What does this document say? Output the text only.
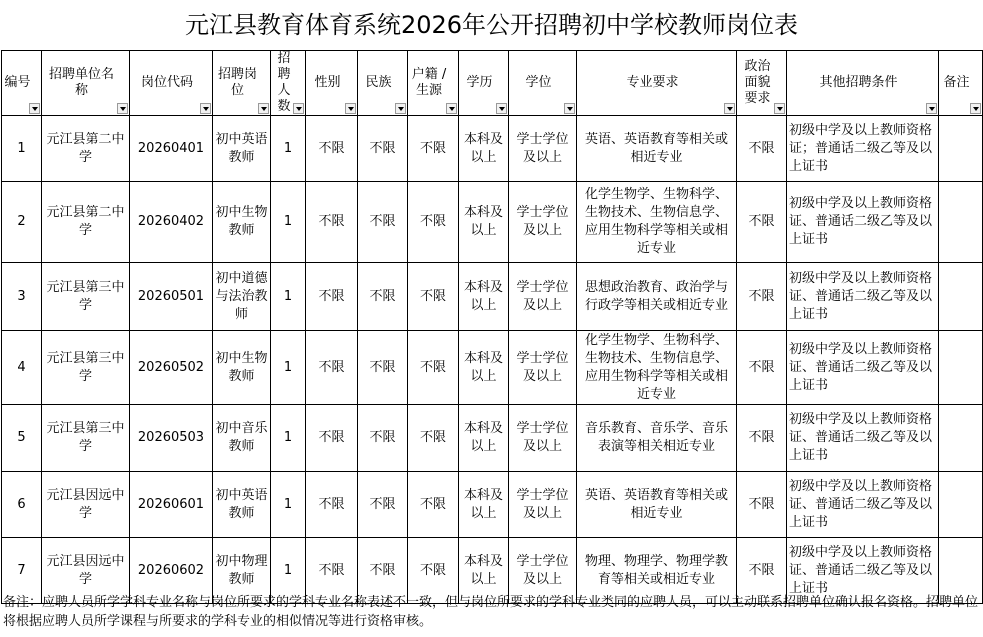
元江县教育体育系统2026年公开招聘初中学校教师岗位表
编号	招聘单位名称	岗位代码	招聘岗位	招聘人数	性别	民族	户籍 / 生源	学历	学位	专业要求	政治面貌要求	其他招聘条件	备注

1	元江县第二中学	20260401	初中英语教师	1	不限	不限	不限	本科及以上	学士学位及以上	英语、英语教育等相关或相近专业	不限	初级中学及以上教师资格证；普通话二级乙等及以上证书	
2	元江县第二中学	20260402	初中生物教师	1	不限	不限	不限	本科及以上	学士学位及以上	化学生物学、生物科学、生物技术、生物信息学、应用生物科学等相关或相近专业	不限	初级中学及以上教师资格证、普通话二级乙等及以上证书	
3	元江县第三中学	20260501	初中道德与法治教师	1	不限	不限	不限	本科及以上	学士学位及以上	思想政治教育、政治学与行政学等相关或相近专业	不限	初级中学及以上教师资格证、普通话二级乙等及以上证书	
4	元江县第三中学	20260502	初中生物教师	1	不限	不限	不限	本科及以上	学士学位及以上	化学生物学、生物科学、生物技术、生物信息学、应用生物科学等相关或相近专业	不限	初级中学及以上教师资格证、普通话二级乙等及以上证书	
5	元江县第三中学	20260503	初中音乐教师	1	不限	不限	不限	本科及以上	学士学位及以上	音乐教育、音乐学、音乐表演等相关相近专业	不限	初级中学及以上教师资格证、普通话二级乙等及以上证书	
6	元江县因远中学	20260601	初中英语教师	1	不限	不限	不限	本科及以上	学士学位及以上	英语、英语教育等相关或相近专业	不限	初级中学及以上教师资格证、普通话二级乙等及以上证书	
7	元江县因远中学	20260602	初中物理教师	1	不限	不限	不限	本科及以上	学士学位及以上	物理、物理学、物理学教育等相关或相近专业	不限	初级中学及以上教师资格证、普通话二级乙等及以上证书	
备注：应聘人员所学学科专业名称与岗位所要求的学科专业名称表述不一致，但与岗位所要求的学科专业类同的应聘人员，可以主动联系招聘单位确认报名资格。招聘单位将根据应聘人员所学课程与所要求的学科专业的相似情况等进行资格审核。
